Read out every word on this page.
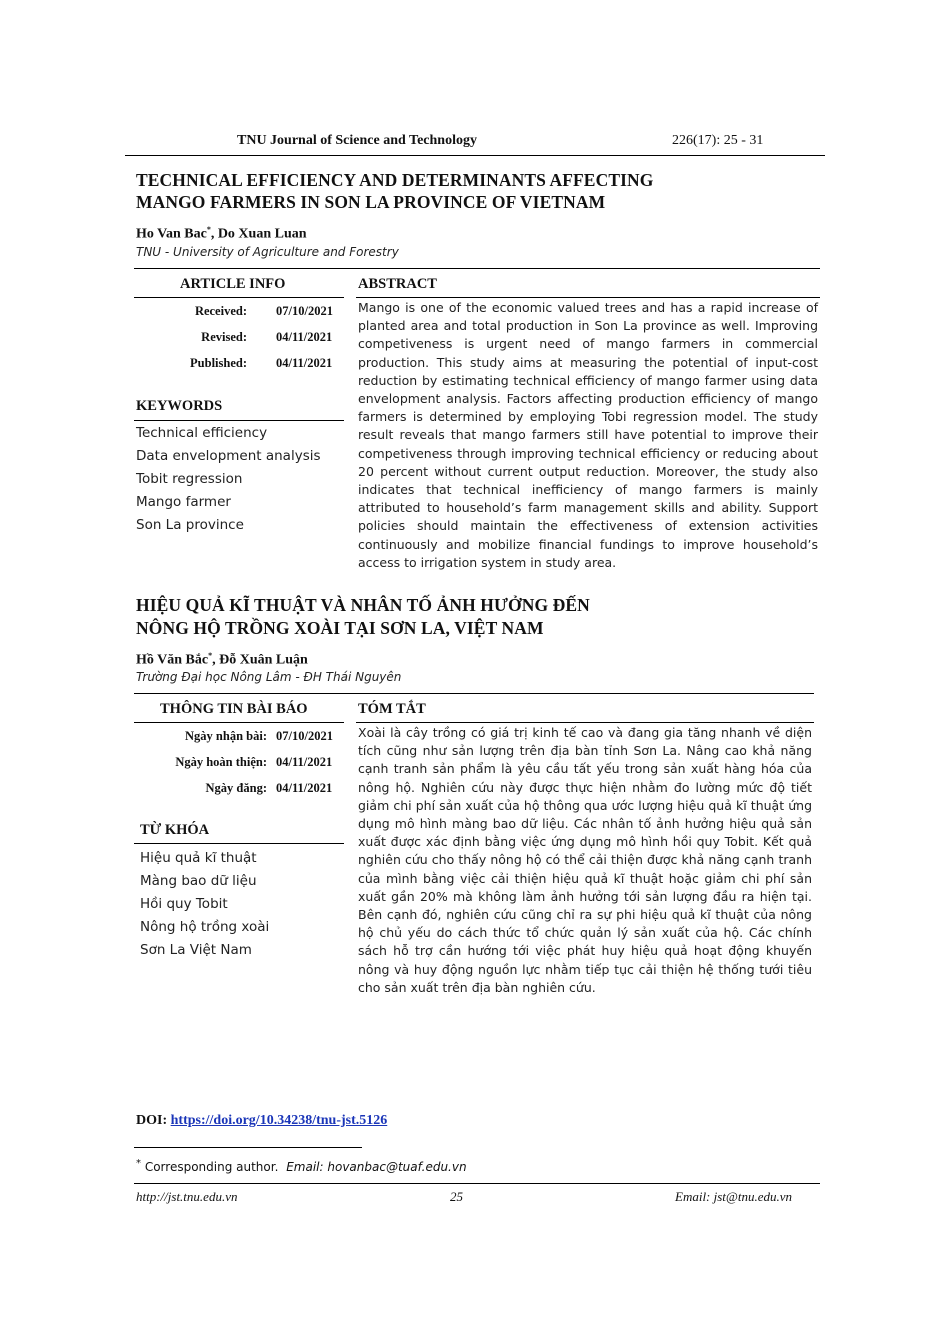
TNU Journal of Science and Technology	226(17): 25 - 31
TECHNICAL EFFICIENCY AND DETERMINANTS AFFECTING
MANGO FARMERS IN SON LA PROVINCE OF VIETNAM
Ho Van Bac*, Do Xuan Luan
TNU - University of Agriculture and Forestry
ARTICLE INFO	ABSTRACT
Received: 07/10/2021
Revised: 04/11/2021
Published: 04/11/2021
KEYWORDS
Technical efficiency
Data envelopment analysis
Tobit regression
Mango farmer
Son La province
Mango is one of the economic valued trees and has a rapid increase of planted area and total production in Son La province as well. Improving competiveness is urgent need of mango farmers in commercial production. This study aims at measuring the potential of input-cost reduction by estimating technical efficiency of mango farmer using data envelopment analysis. Factors affecting production efficiency of mango farmers is determined by employing Tobi regression model. The study result reveals that mango farmers still have potential to improve their competiveness through improving technical efficiency or reducing about 20 percent without current output reduction. Moreover, the study also indicates that technical inefficiency of mango farmers is mainly attributed to household’s farm management skills and ability. Support policies should maintain the effectiveness of extension activities continuously and mobilize financial fundings to improve household’s access to irrigation system in study area.
HIỆU QUẢ KĨ THUẬT VÀ NHÂN TỐ ẢNH HƯỞNG ĐẾN
NÔNG HỘ TRỒNG XOÀI TẠI SƠN LA, VIỆT NAM
Hồ Văn Bắc*, Đỗ Xuân Luận
Trường Đại học Nông Lâm - ĐH Thái Nguyên
THÔNG TIN BÀI BÁO	TÓM TẮT
Ngày nhận bài: 07/10/2021
Ngày hoàn thiện: 04/11/2021
Ngày đăng: 04/11/2021
TỪ KHÓA
Hiệu quả kĩ thuật
Màng bao dữ liệu
Hồi quy Tobit
Nông hộ trồng xoài
Sơn La Việt Nam
Xoài là cây trồng có giá trị kinh tế cao và đang gia tăng nhanh về diện tích cũng như sản lượng trên địa bàn tỉnh Sơn La. Nâng cao khả năng cạnh tranh sản phẩm là yêu cầu tất yếu trong sản xuất hàng hóa của nông hộ. Nghiên cứu này được thực hiện nhằm đo lường mức độ tiết giảm chi phí sản xuất của hộ thông qua ước lượng hiệu quả kĩ thuật ứng dụng mô hình màng bao dữ liệu. Các nhân tố ảnh hưởng hiệu quả sản xuất được xác định bằng việc ứng dụng mô hình hồi quy Tobit. Kết quả nghiên cứu cho thấy nông hộ có thể cải thiện được khả năng cạnh tranh của mình bằng việc cải thiện hiệu quả kĩ thuật hoặc giảm chi phí sản xuất gần 20% mà không làm ảnh hưởng tới sản lượng đầu ra hiện tại. Bên cạnh đó, nghiên cứu cũng chỉ ra sự phi hiệu quả kĩ thuật của nông hộ chủ yếu do cách thức tổ chức quản lý sản xuất của hộ. Các chính sách hỗ trợ cần hướng tới việc phát huy hiệu quả hoạt động khuyến nông và huy động nguồn lực nhằm tiếp tục cải thiện hệ thống tưới tiêu cho sản xuất trên địa bàn nghiên cứu.
DOI: https://doi.org/10.34238/tnu-jst.5126
* Corresponding author. Email: hovanbac@tuaf.edu.vn
http://jst.tnu.edu.vn	25	Email: jst@tnu.edu.vn
